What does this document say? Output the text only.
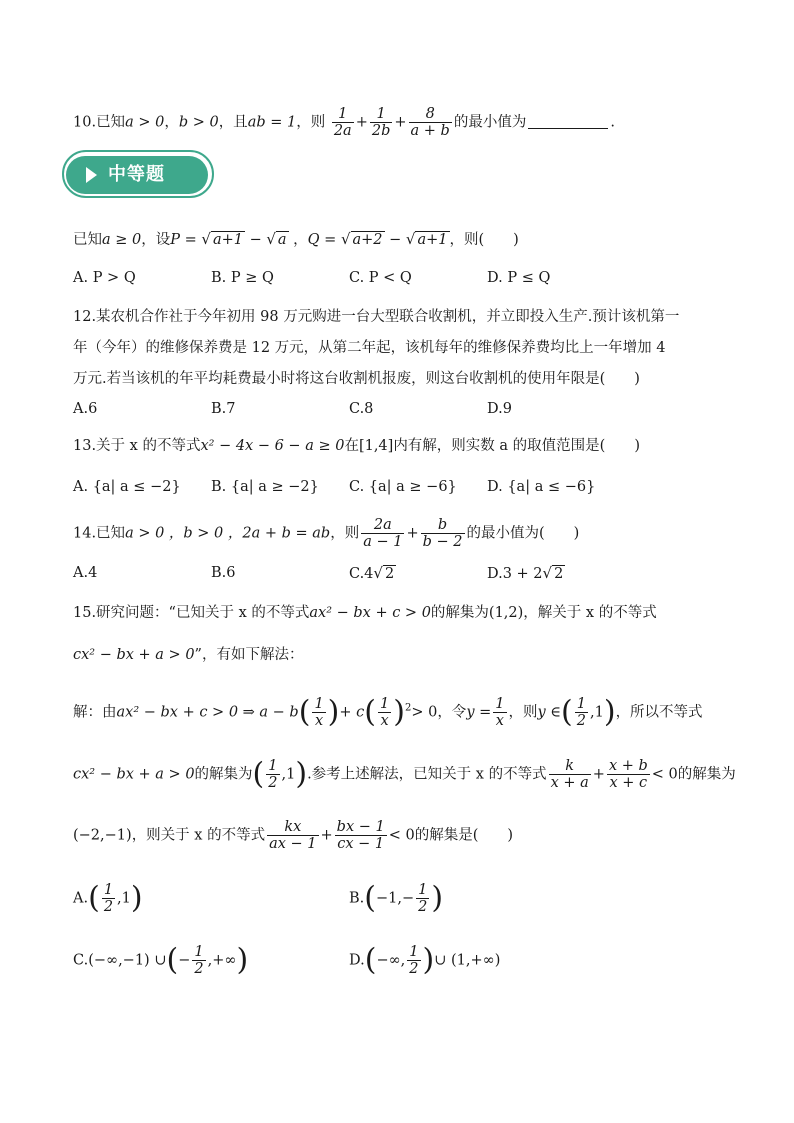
10.已知a > 0，b > 0，且ab = 1，则 $\frac{1}{2a} + \frac{1}{2b} + \frac{8}{a + b}$ 的最小值为	.
中等题
已知a ≥ 0，设P = √ a+1 − √ a ，Q = √ a+2 − √ a+1 ，则(　　)
A. P > Q	B. P ≥ Q	C. P < Q	D. P ≤ Q
12.某农机合作社于今年初用 98 万元购进一台大型联合收割机，并立即投入生产.预计该机第一
年（今年）的维修保养费是 12 万元，从第二年起，该机每年的维修保养费均比上一年增加 4
万元.若当该机的年平均耗费最小时将这台收割机报废，则这台收割机的使用年限是(　　)
A.6	B.7	C.8	D.9
13.关于 x 的不等式x² − 4x − 6 − a ≥ 0在[1,4]内有解，则实数 a 的取值范围是(　　)
A. {a| a ≤ −2} B. {a| a ≥ −2} C. {a| a ≥ −6} D. {a| a ≤ −6}
14.已知a > 0 ，b > 0 ，2a + b = ab，则 $\frac{2a}{a - 1} + \frac{b}{b - 2}$ 的最小值为(　　)
A.4	B.6	C.4√ 2	D.3 + 2√ 2
15.研究问题：“已知关于 x 的不等式ax² − bx + c > 0的解集为(1,2)，解关于 x 的不等式
cx² − bx + a > 0”，有如下解法：
解：由ax² − bx + c > 0 ⇒ $a - b( \frac{1}{x}$ )+ $c( \frac{1}{x} )^2> 0$，令$y = \frac{1}{x}$ ，则y ∈( $\frac{1}{2} ,1$)，所以不等式
cx² − bx + a > 0的解集为( $\frac{1}{2} ,1$).参考上述解法，已知关于 x 的不等式 $\frac{k}{x + a} + \frac{x + b}{x + c} < 0$的解集为
(−2,−1)，则关于 x 的不等式 $\frac{kx}{ax - 1} + \frac{bx - 1}{cx - 1} < 0$的解集是(　　)
$A.( \frac{1}{2} ,1)$	$B.(-1,- \frac{1}{2}$ )
C.(−∞,−1) ∪(− $\frac{1}{2}$ ,+∞)	D.(−∞, $\frac{1}{2}$ )∪ (1,+∞)
